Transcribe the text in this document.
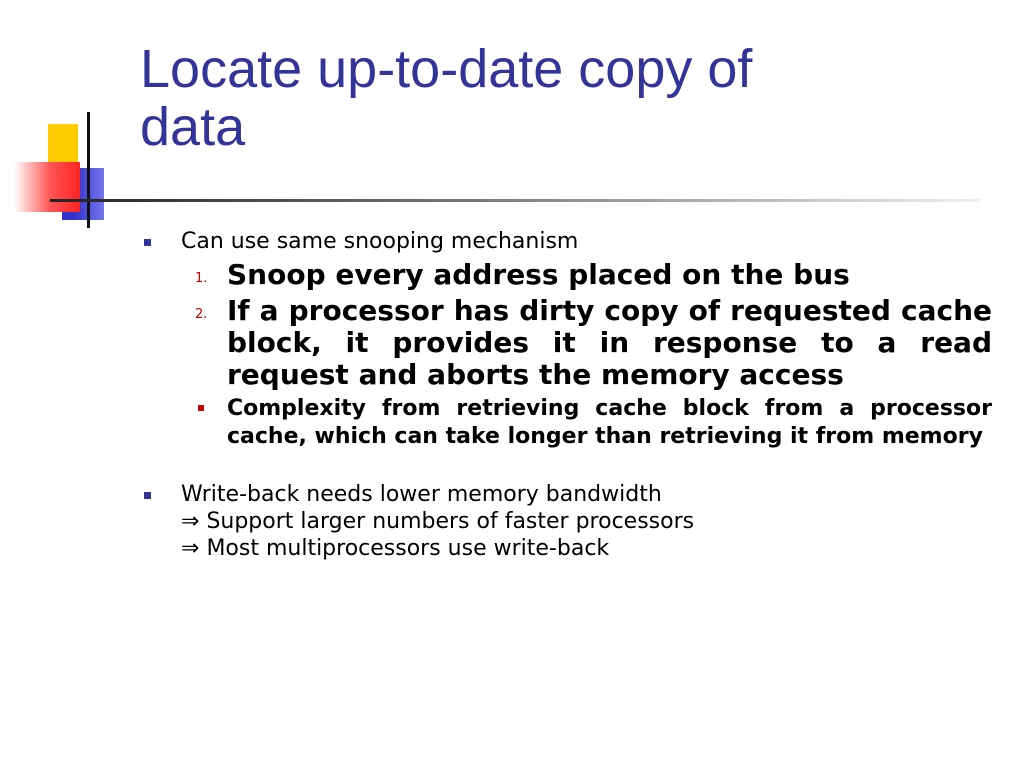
Locate up-to-date copy of
data
Can use same snooping mechanism
1. Snoop every address placed on the bus
2. If a processor has dirty copy of requested cache block, it provides it in response to a read request and aborts the memory access
Complexity from retrieving cache block from a processor cache, which can take longer than retrieving it from memory
Write-back needs lower memory bandwidth
⇒ Support larger numbers of faster processors
⇒ Most multiprocessors use write-back
